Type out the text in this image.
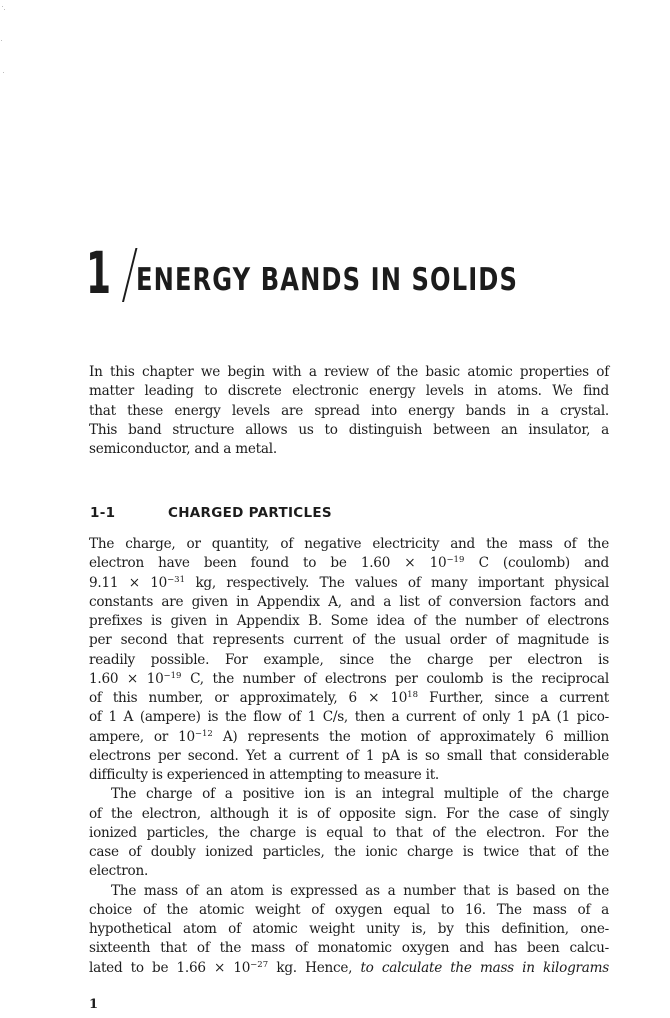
1 ENERGY BANDS IN SOLIDS
In this chapter we begin with a review of the basic atomic properties of
matter leading to discrete electronic energy levels in atoms. We find
that these energy levels are spread into energy bands in a crystal.
This band structure allows us to distinguish between an insulator, a
semiconductor, and a metal.
1-1	CHARGED PARTICLES
The charge, or quantity, of negative electricity and the mass of the
electron have been found to be $1.60 \times 10^{-19}$ C (coulomb) and
$9.11 \times 10^{-31}$ kg, respectively. The values of many important physical
constants are given in Appendix A, and a list of conversion factors and
prefixes is given in Appendix B. Some idea of the number of electrons
per second that represents current of the usual order of magnitude is
readily possible. For example, since the charge per electron is
$1.60 \times 10^{-19}$ C, the number of electrons per coulomb is the reciprocal
of this number, or approximately, $6 \times 10^{18}$ Further, since a current
of 1 A (ampere) is the flow of 1 C/s, then a current of only 1 pA (1 pico-
ampere, or $10^{-12}$ A) represents the motion of approximately 6 million
electrons per second. Yet a current of 1 pA is so small that considerable
difficulty is experienced in attempting to measure it.
The charge of a positive ion is an integral multiple of the charge
of the electron, although it is of opposite sign. For the case of singly
ionized particles, the charge is equal to that of the electron. For the
case of doubly ionized particles, the ionic charge is twice that of the
electron.
The mass of an atom is expressed as a number that is based on the
choice of the atomic weight of oxygen equal to 16. The mass of a
hypothetical atom of atomic weight unity is, by this definition, one-
sixteenth that of the mass of monatomic oxygen and has been calcu-
lated to be $1.66 \times 10^{-27}$ kg. Hence, to calculate the mass in kilograms
1
